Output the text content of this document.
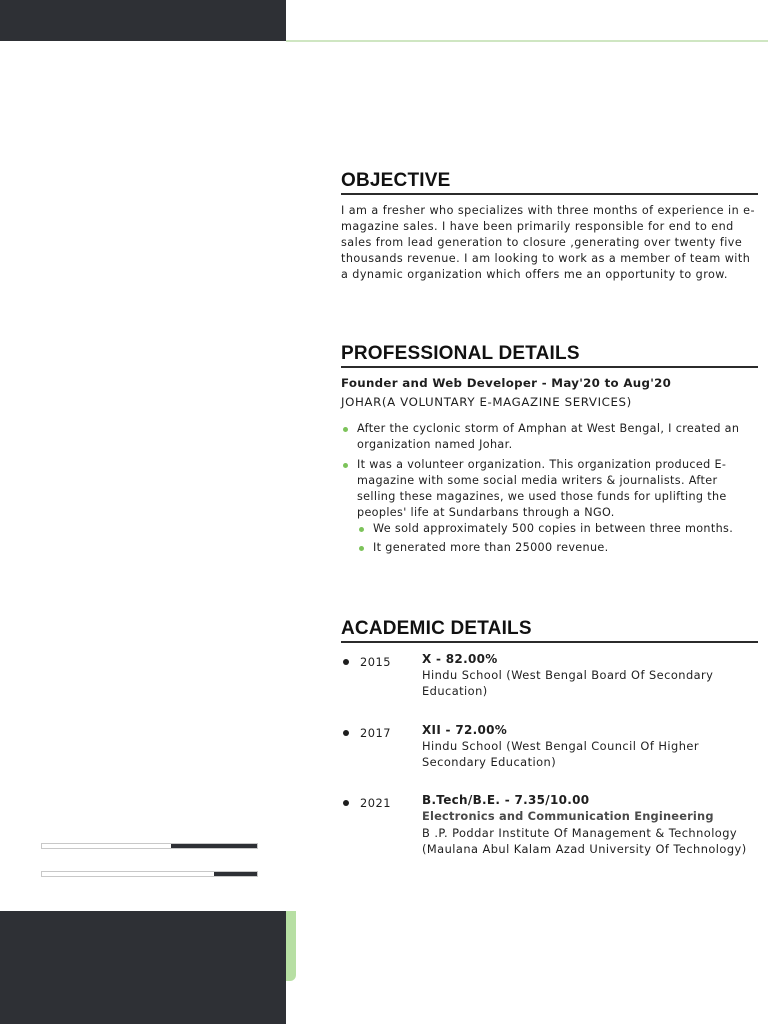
OBJECTIVE

I am a fresher who specializes with three months of experience in e-magazine sales. I have been primarily responsible for end to end sales from lead generation to closure ,generating over twenty five thousands revenue. I am looking to work as a member of team with a dynamic organization which offers me an opportunity to grow.

PROFESSIONAL DETAILS
Founder and Web Developer - May'20 to Aug'20
JOHAR(A VOLUNTARY E-MAGAZINE SERVICES)
After the cyclonic storm of Amphan at West Bengal, I created an organization named Johar.
It was a volunteer organization. This organization produced E-magazine with some social media writers & journalists. After selling these magazines, we used those funds for uplifting the peoples' life at Sundarbans through a NGO.
We sold approximately 500 copies in between three months.
It generated more than 25000 revenue.
ACADEMIC DETAILS
2015	X - 82.00%
Hindu School (West Bengal Board Of Secondary Education)
2017	XII - 72.00%
Hindu School (West Bengal Council Of Higher Secondary Education)
2021	B.Tech/B.E. - 7.35/10.00
Electronics and Communication Engineering
B .P. Poddar Institute Of Management & Technology (Maulana Abul Kalam Azad University Of Technology)
